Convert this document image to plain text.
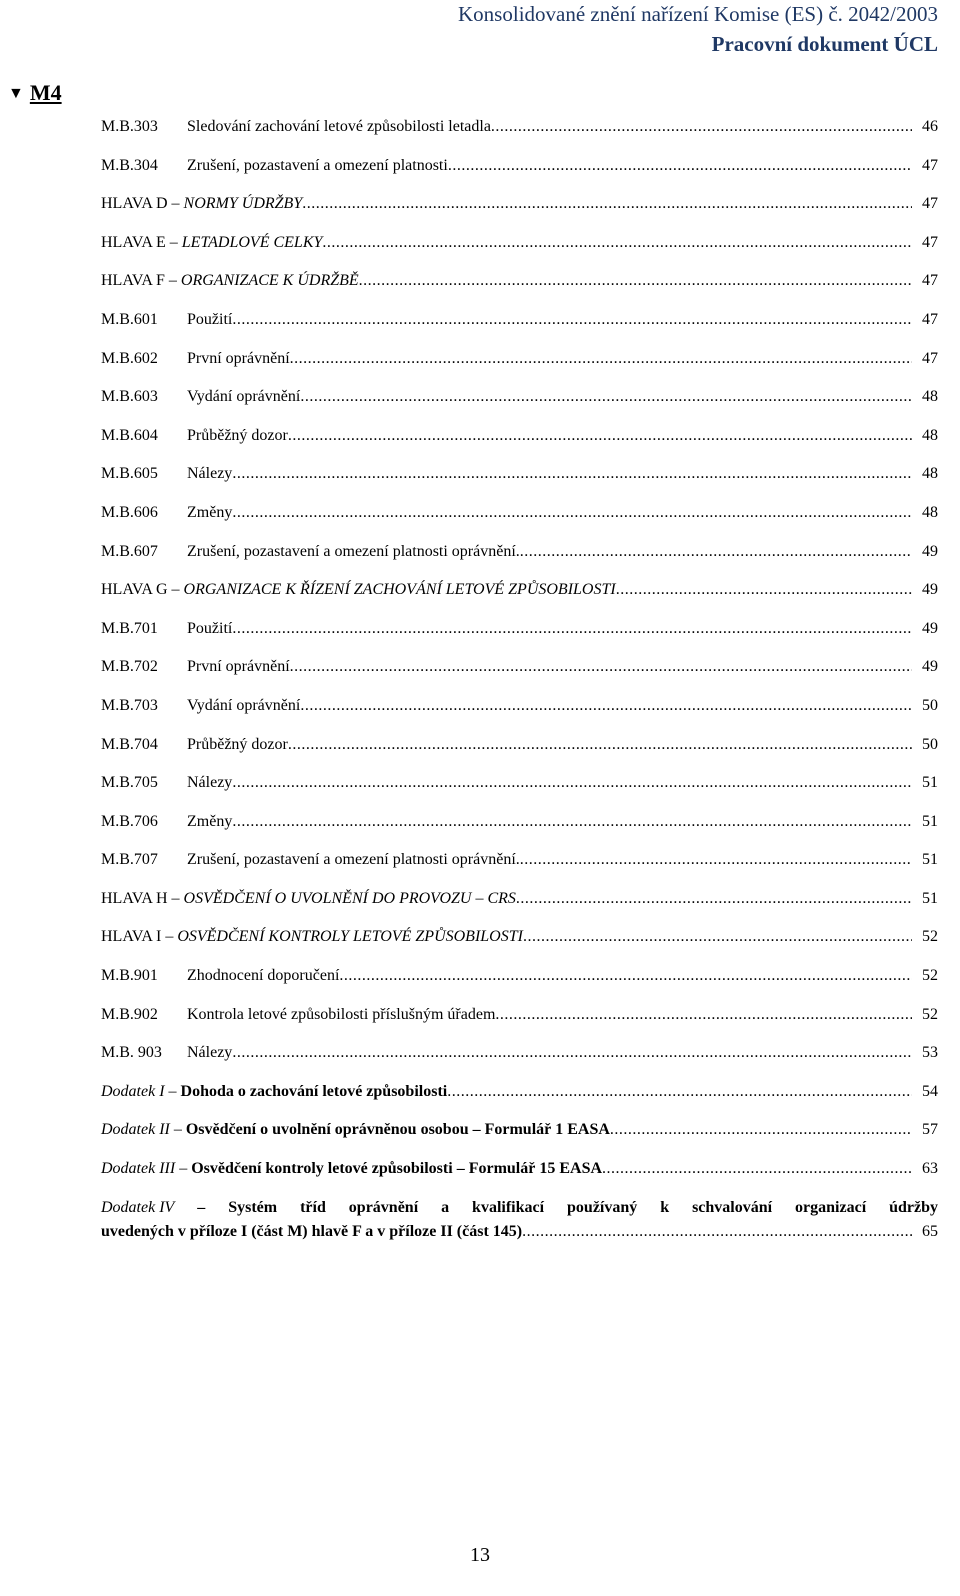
Konsolidované znění nařízení Komise (ES) č. 2042/2003
Pracovní dokument ÚCL
▼ M4
M.B.303	Sledování zachování letové způsobilosti letadla .....	46
M.B.304	Zrušení, pozastavení a omezení platnosti .....	47
HLAVA D – NORMY ÚDRŽBY .....	47
HLAVA E – LETADLOVÉ CELKY .....	47
HLAVA F – ORGANIZACE K ÚDRŽBĚ .....	47
M.B.601	Použití .....	47
M.B.602	První oprávnění .....	47
M.B.603	Vydání oprávnění .....	48
M.B.604	Průběžný dozor .....	48
M.B.605	Nálezy .....	48
M.B.606	Změny .....	48
M.B.607	Zrušení, pozastavení a omezení platnosti oprávnění. .....	49
HLAVA G – ORGANIZACE K ŘÍZENÍ ZACHOVÁNÍ LETOVÉ ZPŮSOBILOSTI .....	49
M.B.701	Použití .....	49
M.B.702	První oprávnění .....	49
M.B.703	Vydání oprávnění .....	50
M.B.704	Průběžný dozor .....	50
M.B.705	Nálezy .....	51
M.B.706	Změny .....	51
M.B.707	Zrušení, pozastavení a omezení platnosti oprávnění. .....	51
HLAVA H – OSVĚDČENÍ O UVOLNĚNÍ DO PROVOZU – CRS .....	51
HLAVA I – OSVĚDČENÍ KONTROLY LETOVÉ ZPŮSOBILOSTI .....	52
M.B.901	Zhodnocení doporučení .....	52
M.B.902	Kontrola letové způsobilosti příslušným úřadem .....	52
M.B. 903	Nálezy .....	53
Dodatek I – Dohoda o zachování letové způsobilosti .....	54
Dodatek II – Osvědčení o uvolnění oprávněnou osobou – Formulář 1 EASA .....	57
Dodatek III – Osvědčení kontroly letové způsobilosti – Formulář 15 EASA .....	63
Dodatek IV – Systém tříd oprávnění a kvalifikací používaný k schvalování organizací údržby
uvedených v příloze I (část M) hlavě F a v příloze II (část 145) .....	65
13
